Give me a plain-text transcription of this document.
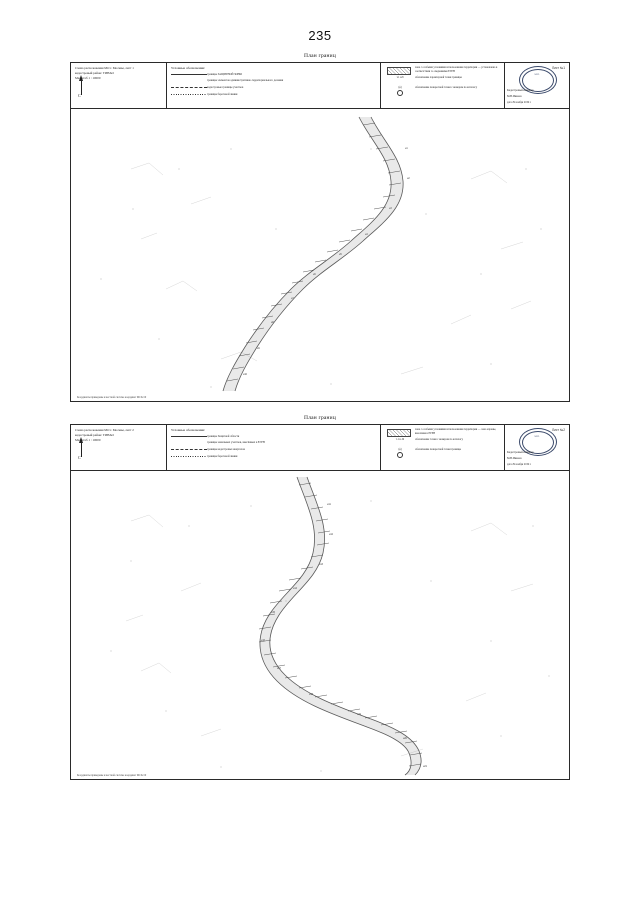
235
План границ
Лист №1
Схема расположения МО г. Москвы, лист 1
кадастровый район: ТИНАО
Масштаб 1 : 10000
C
Условные обозначения:
границы ЗАЩИТНОЙ ЗОНЫ
границы элементов административно-территориального деления
кадастровые границы участков
границы береговой линии
зона с особыми условиями использования территории — установлена в соответствии со сведениями ЕГРН
т.1 н.8	обозначение характерной точки границы
(н)	обозначение поворотной точки с номером по каталогу
М.П.
Кадастровый инженер
М.В.Иванов
дата 29 ноября 2019 г.
н1
н2
н3
н4
н5
н6
н7
н8
н9
н10
Координаты приведены в местной системе координат МСК-50
План границ
Лист №2
Схема расположения МО г. Москвы, лист 2
кадастровый район: ТИНАО
Масштаб 1 : 10000
C
Условные обозначения:
границы Защитной области
границы земельных участков, внесённых в ЕГРН
границы кадастровых кварталов
границы береговой линии
зона с особыми условиями использования территории — зона охраны, вносимая в ЕГРН
т.1 н.19	обозначение точки с номером по каталогу
(н)	обозначение поворотной точки границы
М.П.
Кадастровый инженер
М.В.Иванов
дата 29 ноября 2019 г.
н11
н12
н13
н14
н15
н16
н17
н18
н19
н20
н21
Координаты приведены в местной системе координат МСК-50
